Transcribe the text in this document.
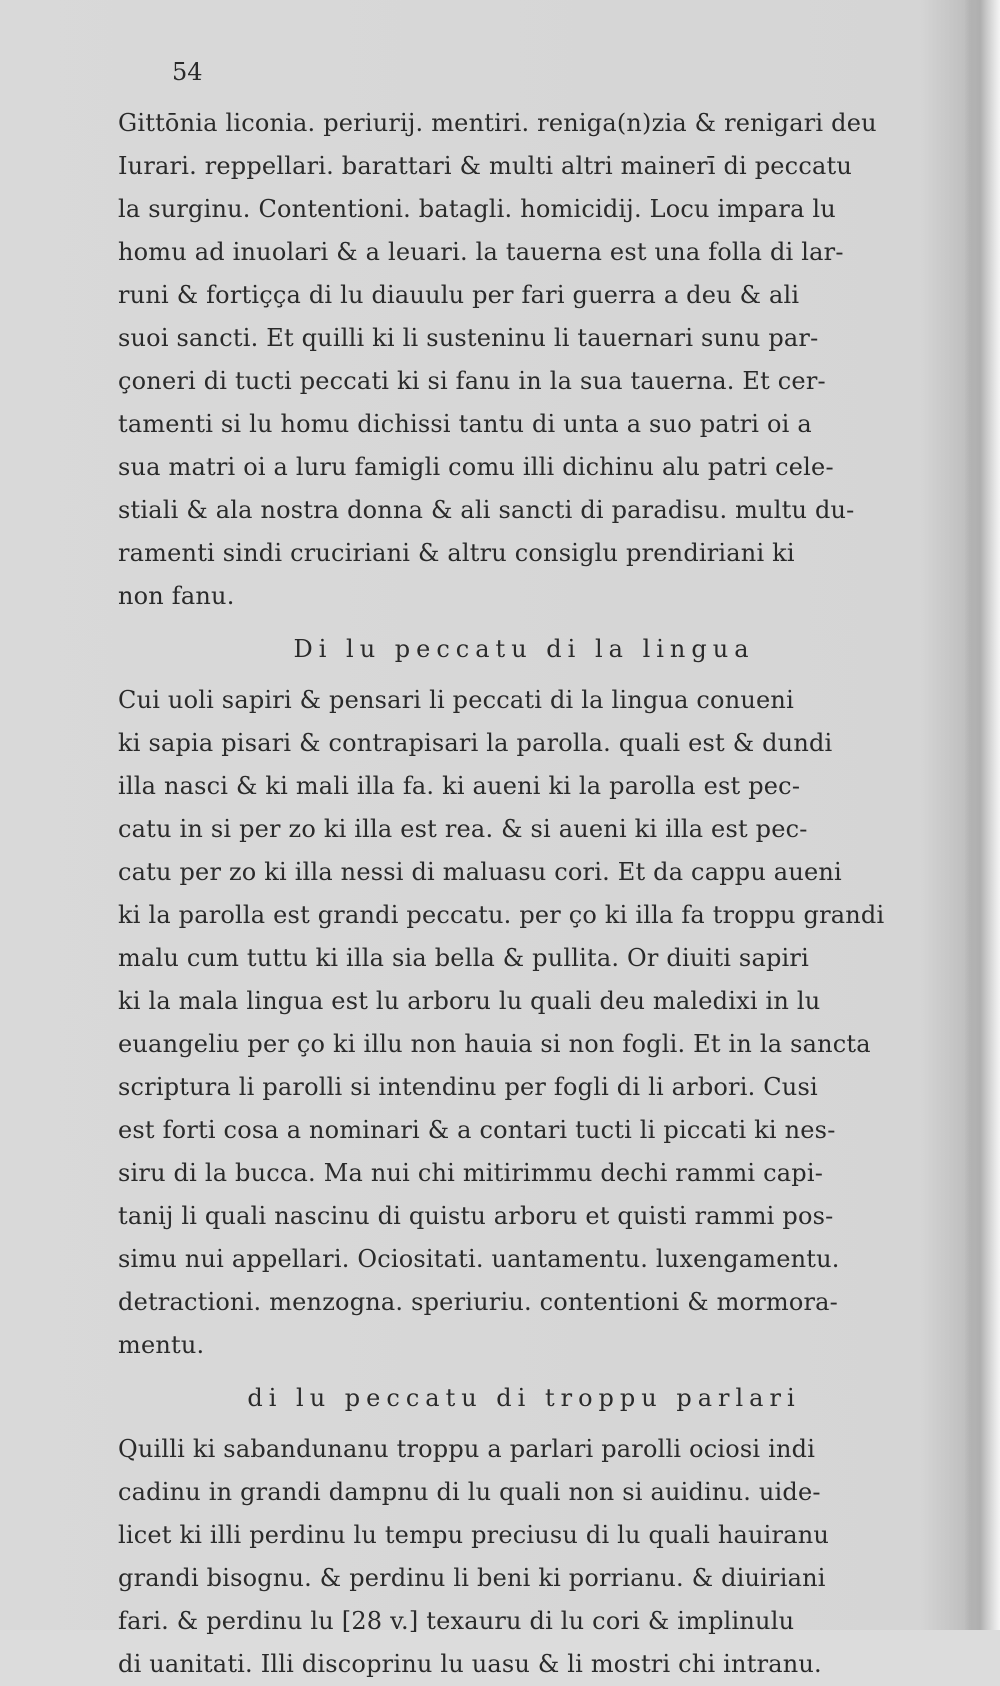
54
Gittōnia liconia. periurij. mentiri. reniga(n)zia & renigari deu
Iurari. reppellari. barattari & multi altri mainerī di peccatu
la surginu. Contentioni. batagli. homicidij. Locu impara lu
homu ad inuolari & a leuari. la tauerna est una folla di lar-
runi & fortiçça di lu diauulu per fari guerra a deu & ali
suoi sancti. Et quilli ki li susteninu li tauernari sunu par-
çoneri di tucti peccati ki si fanu in la sua tauerna. Et cer-
tamenti si lu homu dichissi tantu di unta a suo patri oi a
sua matri oi a luru famigli comu illi dichinu alu patri cele-
stiali & ala nostra donna & ali sancti di paradisu. multu du-
ramenti sindi cruciriani & altru consiglu prendiriani ki
non fanu.
Di lu peccatu di la lingua
Cui uoli sapiri & pensari li peccati di la lingua conueni
ki sapia pisari & contrapisari la parolla. quali est & dundi
illa nasci & ki mali illa fa. ki aueni ki la parolla est pec-
catu in si per zo ki illa est rea. & si aueni ki illa est pec-
catu per zo ki illa nessi di maluasu cori. Et da cappu aueni
ki la parolla est grandi peccatu. per ço ki illa fa troppu grandi
malu cum tuttu ki illa sia bella & pullita. Or diuiti sapiri
ki la mala lingua est lu arboru lu quali deu maledixi in lu
euangeliu per ço ki illu non hauia si non fogli. Et in la sancta
scriptura li parolli si intendinu per fogli di li arbori. Cusi
est forti cosa a nominari & a contari tucti li piccati ki nes-
siru di la bucca. Ma nui chi mitirimmu dechi rammi capi-
tanij li quali nascinu di quistu arboru et quisti rammi pos-
simu nui appellari. Ociositati. uantamentu. luxengamentu.
detractioni. menzogna. speriuriu. contentioni & mormora-
mentu.
di lu peccatu di troppu parlari
Quilli ki sabandunanu troppu a parlari parolli ociosi indi
cadinu in grandi dampnu di lu quali non si auidinu. uide-
licet ki illi perdinu lu tempu preciusu di lu quali hauiranu
grandi bisognu. & perdinu li beni ki porrianu. & diuiriani
fari. & perdinu lu [28 v.] texauru di lu cori & implinulu
di uanitati. Illi discoprinu lu uasu & li mostri chi intranu.
